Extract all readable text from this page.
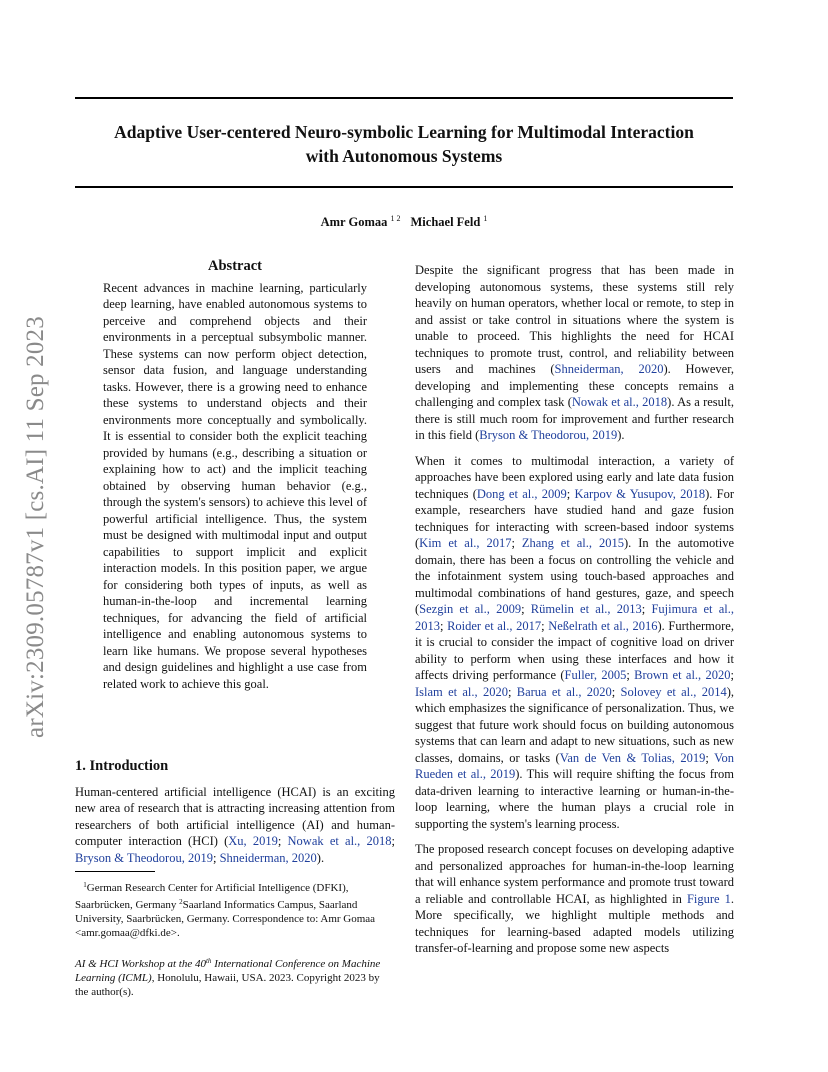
Adaptive User-centered Neuro-symbolic Learning for Multimodal Interaction
with Autonomous Systems
Amr Gomaa $^{1 2}$ Michael Feld $^1$
arXiv:2309.05787v1 [cs.AI] 11 Sep 2023
Abstract

Recent advances in machine learning, particularly deep learning, have enabled autonomous systems to perceive and comprehend objects and their environments in a perceptual subsymbolic manner. These systems can now perform object detection, sensor data fusion, and language understanding tasks. However, there is a growing need to enhance these systems to understand objects and their environments more conceptually and symbolically. It is essential to consider both the explicit teaching provided by humans (e.g., describing a situation or explaining how to act) and the implicit teaching obtained by observing human behavior (e.g., through the system's sensors) to achieve this level of powerful artificial intelligence. Thus, the system must be designed with multimodal input and output capabilities to support implicit and explicit interaction models. In this position paper, we argue for considering both types of inputs, as well as human-in-the-loop and incremental learning techniques, for advancing the field of artificial intelligence and enabling autonomous systems to learn like humans. We propose several hypotheses and design guidelines and highlight a use case from related work to achieve this goal.

1. Introduction

Human-centered artificial intelligence (HCAI) is an exciting new area of research that is attracting increasing attention from researchers of both artificial intelligence (AI) and human-computer interaction (HCI) (Xu, 2019; Nowak et al., 2018; Bryson & Theodorou, 2019; Shneiderman, 2020).

$^1$German Research Center for Artificial Intelligence (DFKI), Saarbrücken, Germany $^2$Saarland Informatics Campus, Saarland University, Saarbrücken, Germany. Correspondence to: Amr Gomaa <amr.gomaa@dfki.de>.

AI & HCI Workshop at the 40th International Conference on Machine Learning (ICML), Honolulu, Hawaii, USA. 2023. Copyright 2023 by the author(s).

Despite the significant progress that has been made in developing autonomous systems, these systems still rely heavily on human operators, whether local or remote, to step in and assist or take control in situations where the system is unable to proceed. This highlights the need for HCAI techniques to promote trust, control, and reliability between users and machines (Shneiderman, 2020). However, developing and implementing these concepts remains a challenging and complex task (Nowak et al., 2018). As a result, there is still much room for improvement and further research in this field (Bryson & Theodorou, 2019).

When it comes to multimodal interaction, a variety of approaches have been explored using early and late data fusion techniques (Dong et al., 2009; Karpov & Yusupov, 2018). For example, researchers have studied hand and gaze fusion techniques for interacting with screen-based indoor systems (Kim et al., 2017; Zhang et al., 2015). In the automotive domain, there has been a focus on controlling the vehicle and the infotainment system using touch-based approaches and multimodal combinations of hand gestures, gaze, and speech (Sezgin et al., 2009; Rümelin et al., 2013; Fujimura et al., 2013; Roider et al., 2017; Neßelrath et al., 2016). Furthermore, it is crucial to consider the impact of cognitive load on driver ability to perform when using these interfaces and how it affects driving performance (Fuller, 2005; Brown et al., 2020; Islam et al., 2020; Barua et al., 2020; Solovey et al., 2014), which emphasizes the significance of personalization. Thus, we suggest that future work should focus on building autonomous systems that can learn and adapt to new situations, such as new classes, domains, or tasks (Van de Ven & Tolias, 2019; Von Rueden et al., 2019). This will require shifting the focus from data-driven learning to interactive learning or human-in-the-loop learning, where the human plays a crucial role in supporting the system's learning process.

The proposed research concept focuses on developing adaptive and personalized approaches for human-in-the-loop learning that will enhance system performance and promote trust toward a reliable and controllable HCAI, as highlighted in Figure 1. More specifically, we highlight multiple methods and techniques for learning-based adapted models utilizing transfer-of-learning and propose some new aspects
